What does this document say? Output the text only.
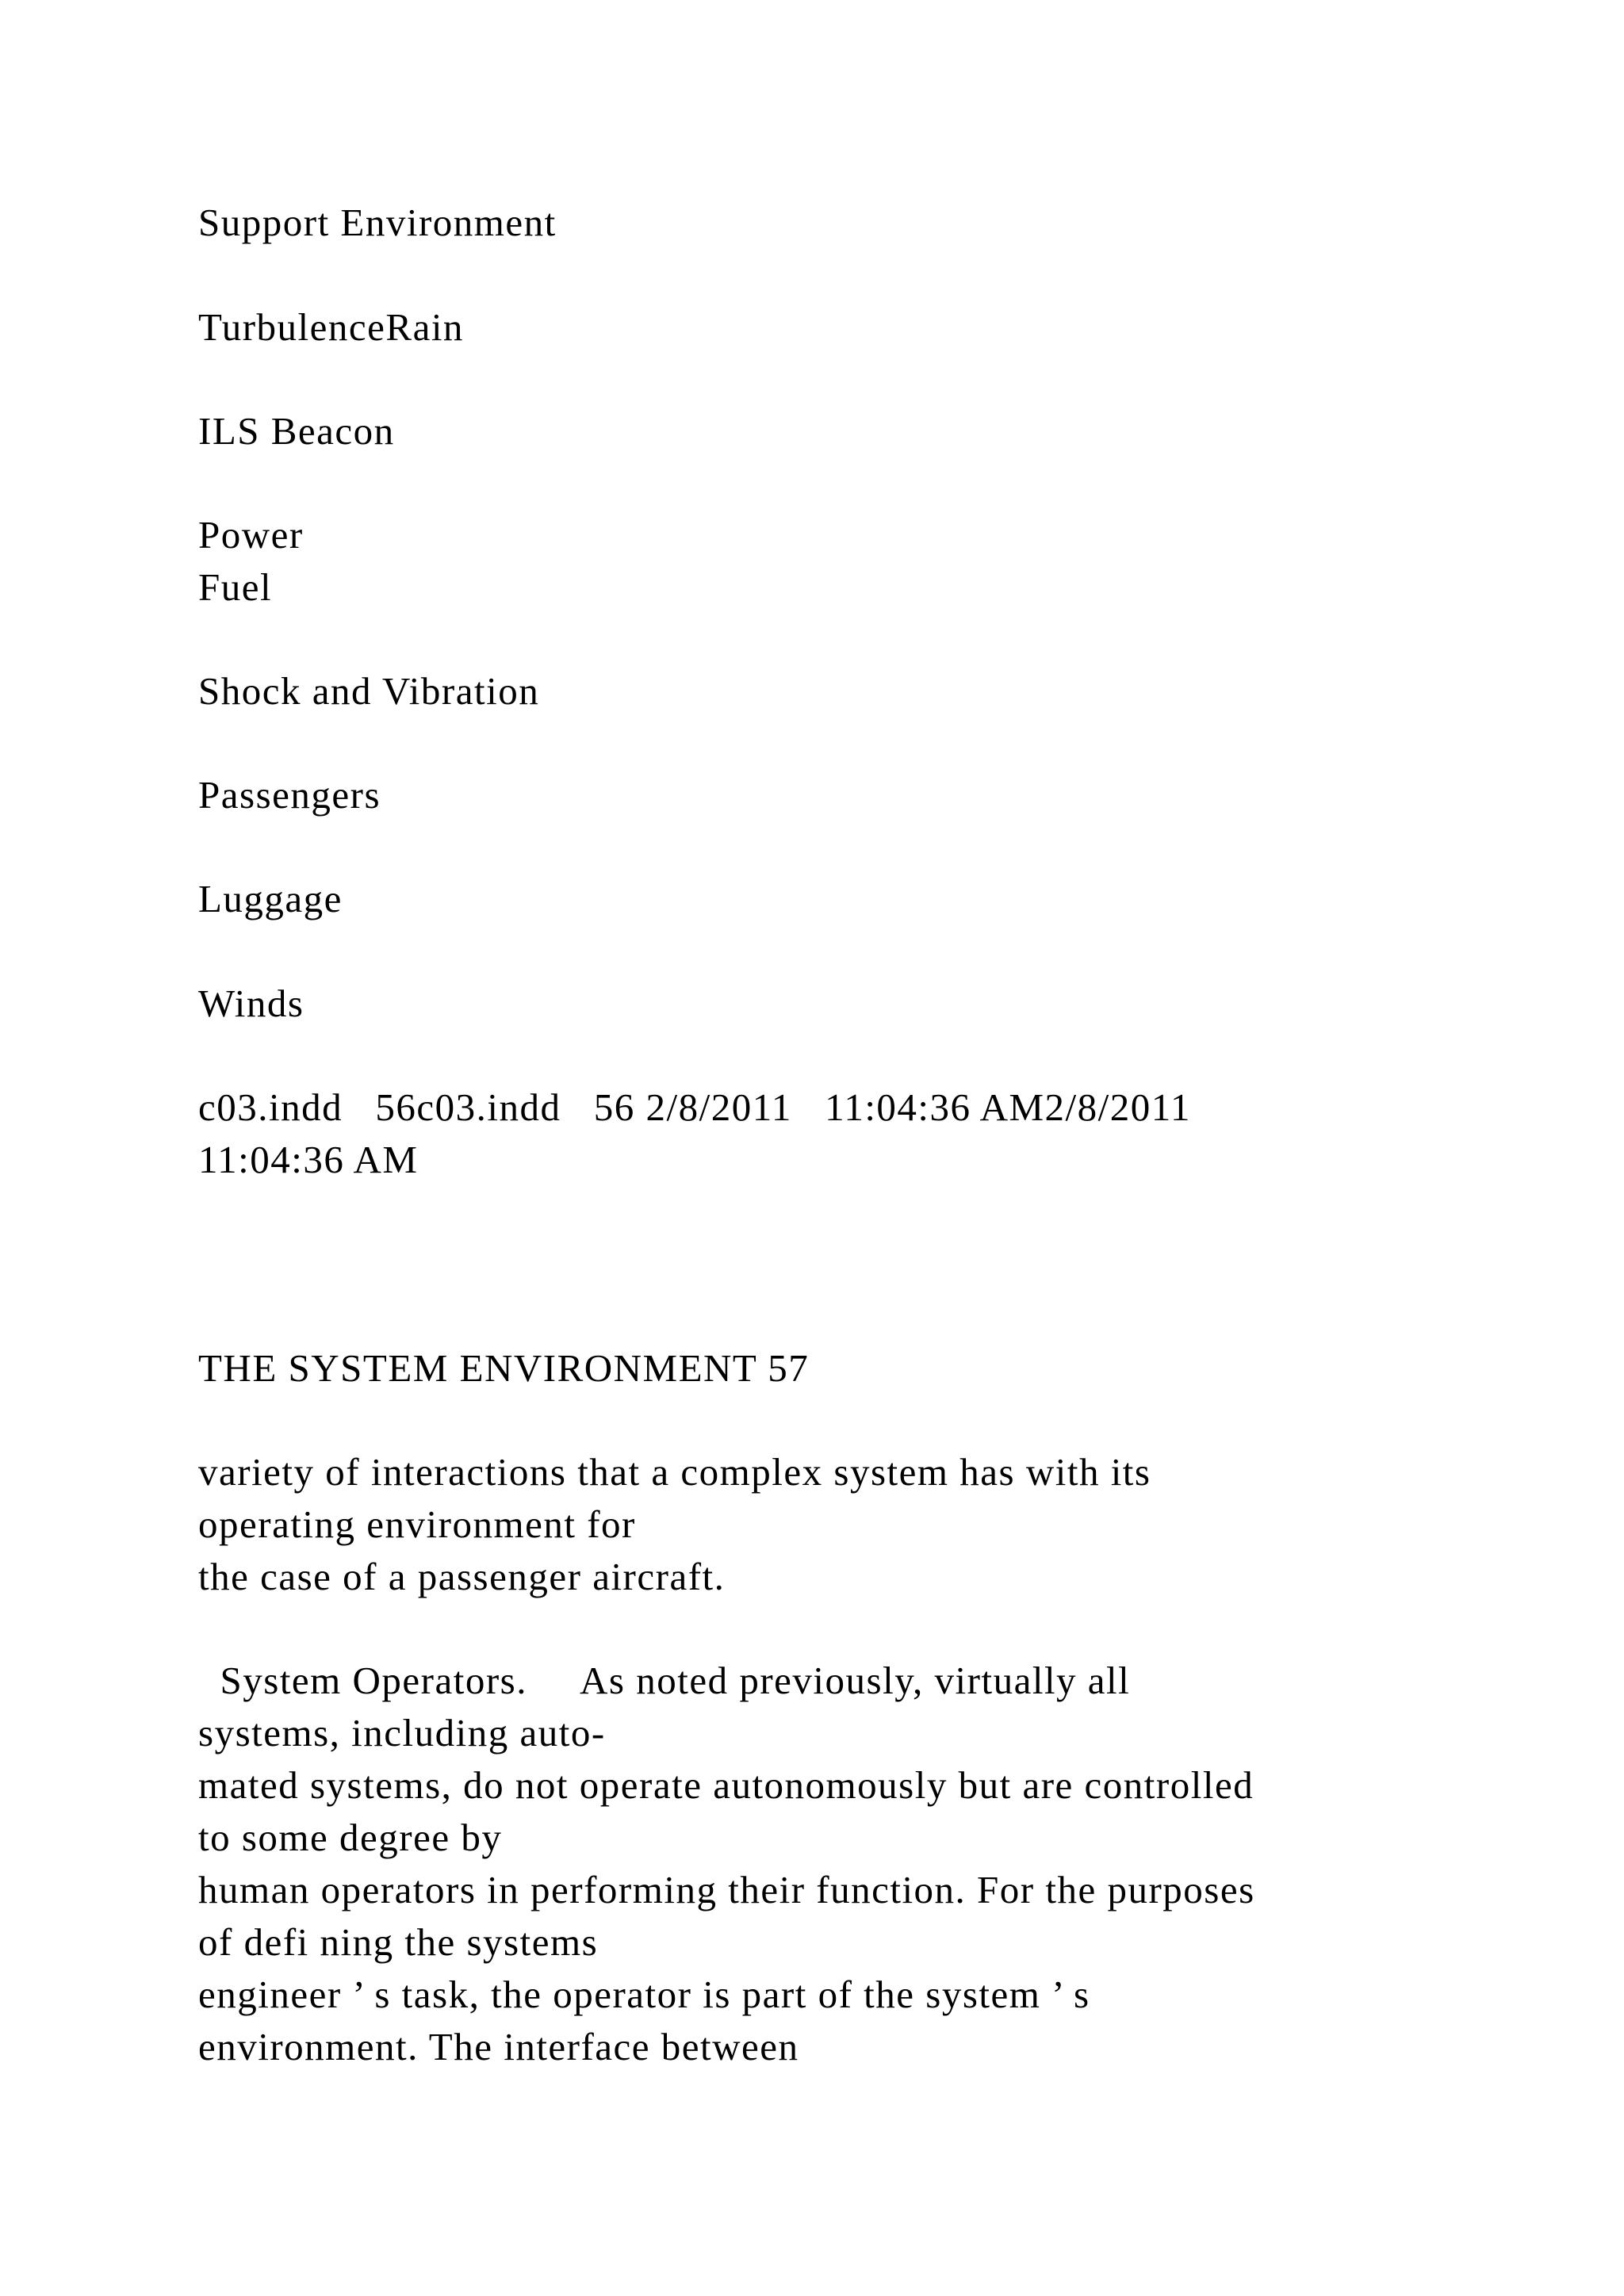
Support Environment
TurbulenceRain
ILS Beacon
Power
Fuel
Shock and Vibration
Passengers
Luggage
Winds
c03.indd   56c03.indd   56 2/8/2011   11:04:36 AM2/8/2011
11:04:36 AM
THE SYSTEM ENVIRONMENT 57
variety of interactions that a complex system has with its
operating environment for
the case of a passenger aircraft.
System Operators.     As noted previously, virtually all
systems, including auto-
mated systems, do not operate autonomously but are controlled
to some degree by
human operators in performing their function. For the purposes
of defi ning the systems
engineer ’ s task, the operator is part of the system ’ s
environment. The interface between
